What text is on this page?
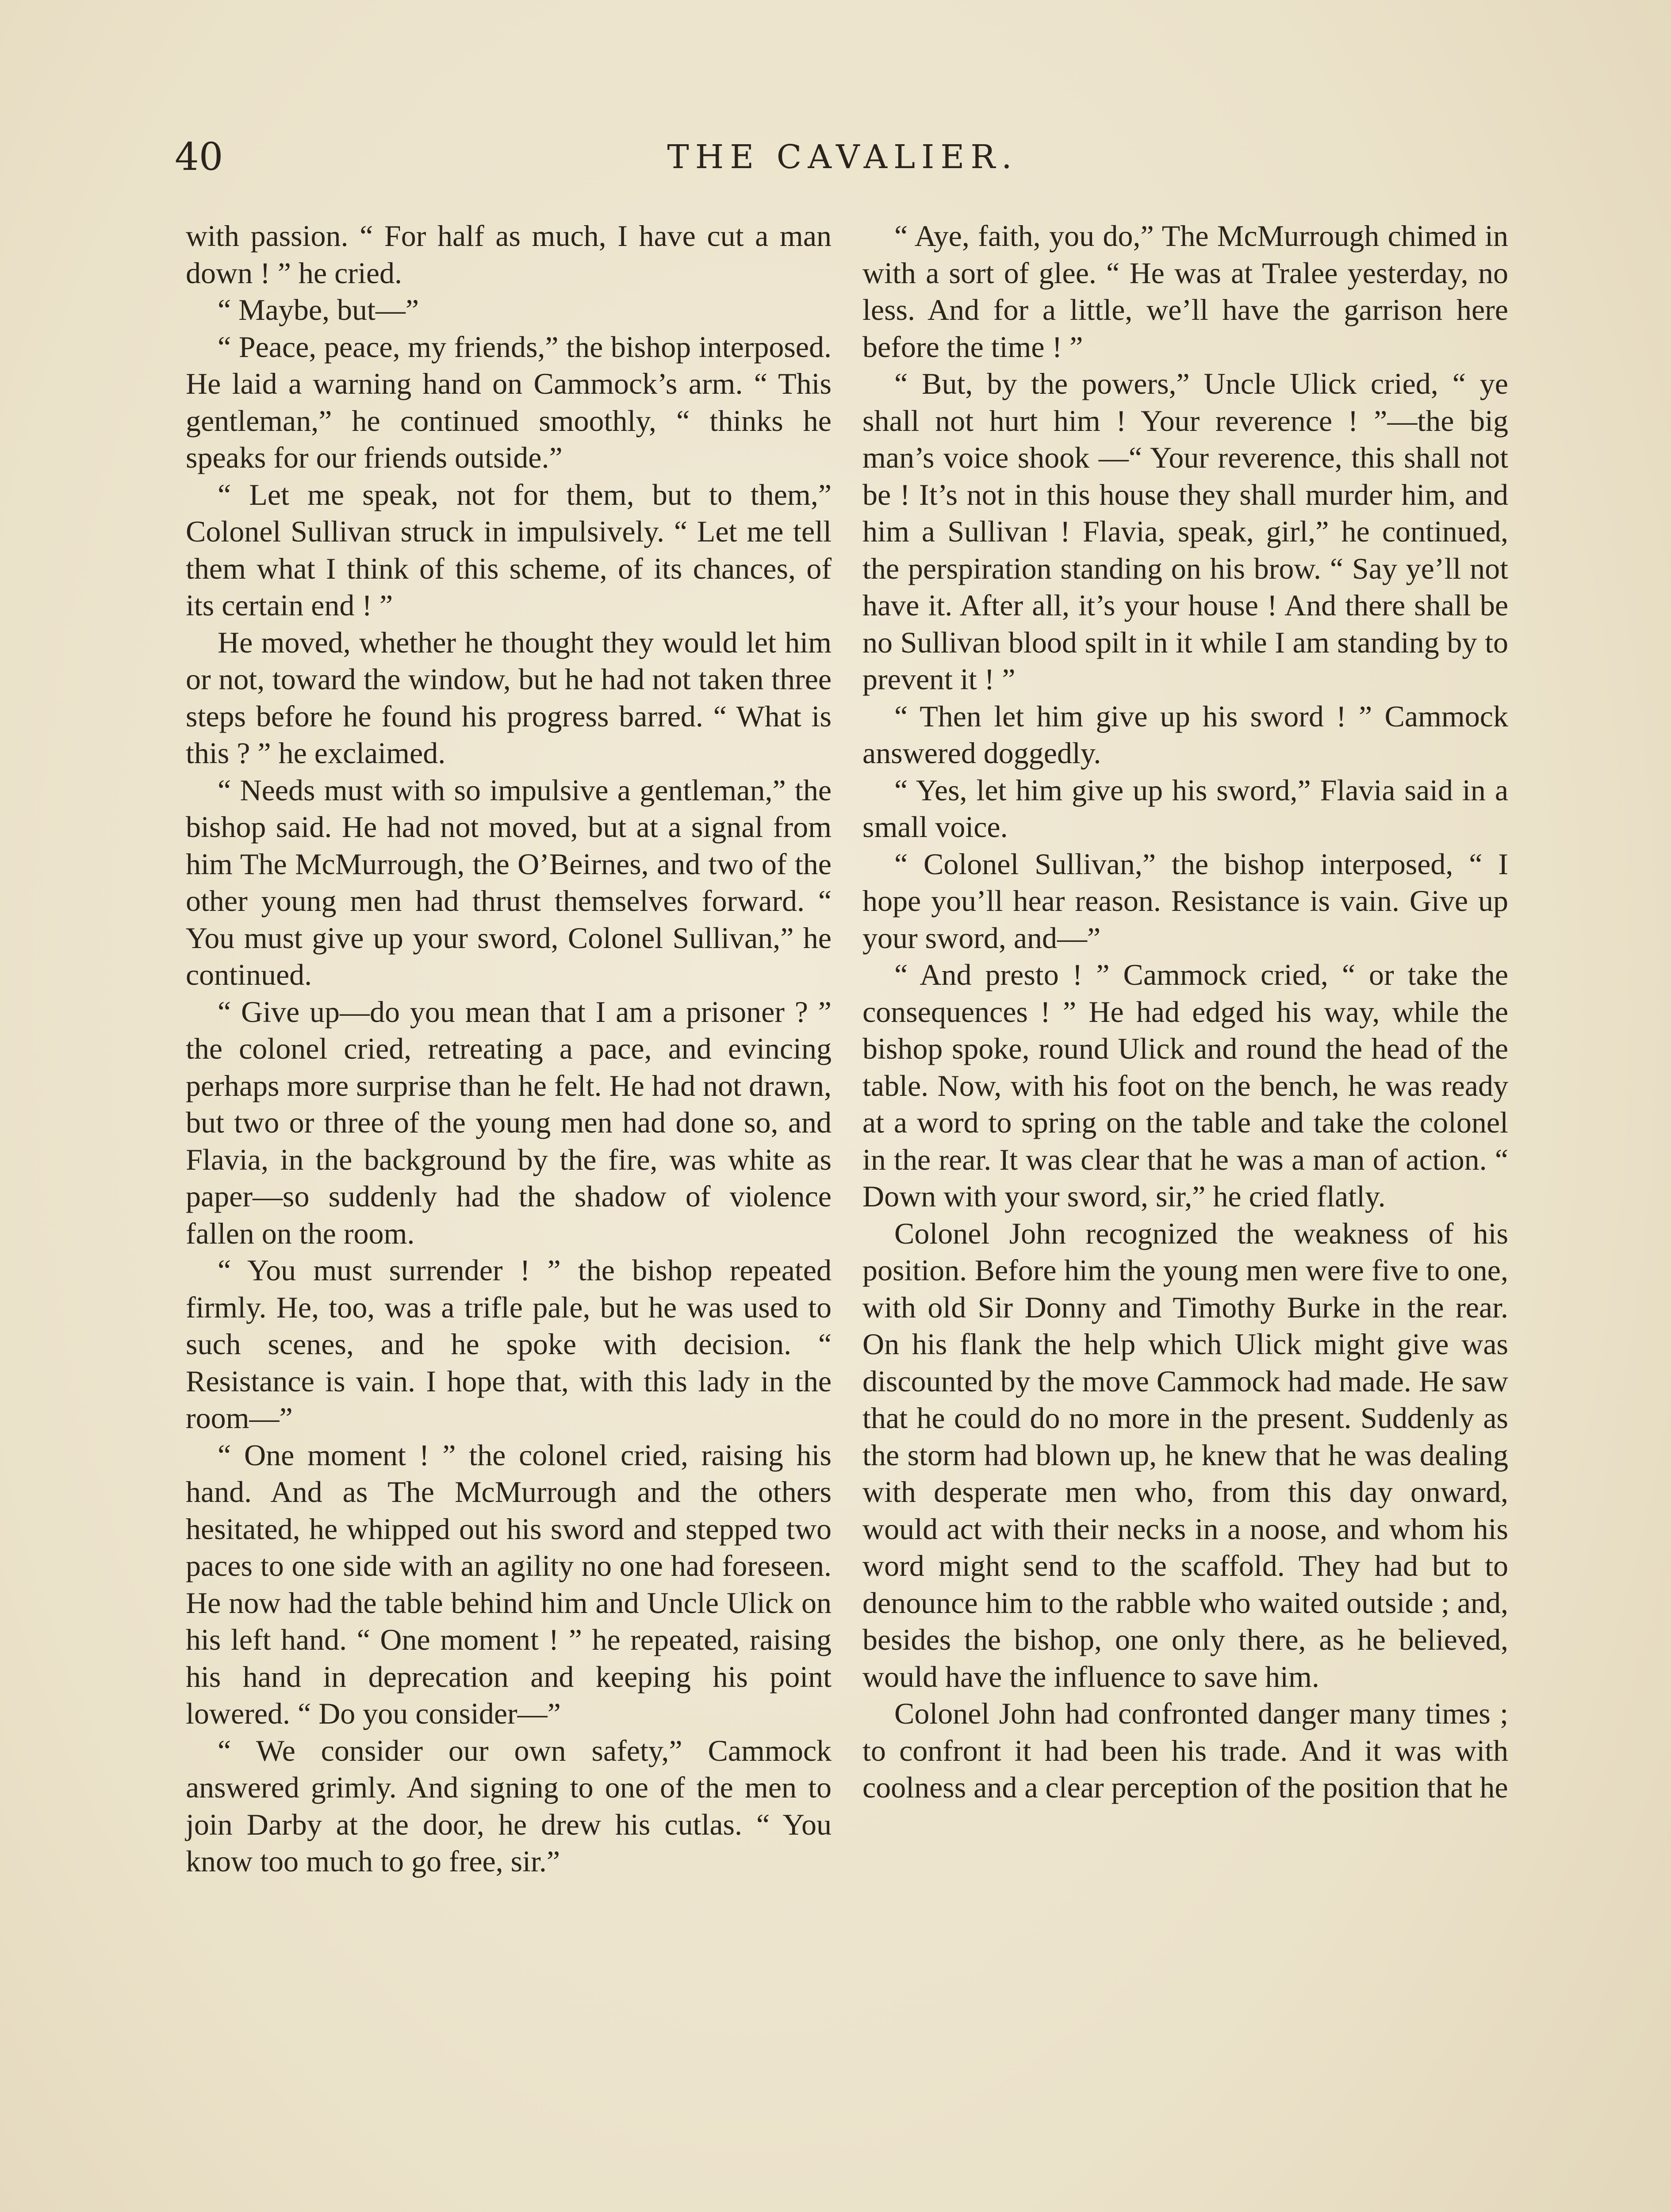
40	THE CAVALIER.

with passion. “ For half as much, I have cut a man down ! ” he cried.

“ Maybe, but—”

“ Peace, peace, my friends,” the bishop interposed. He laid a warning hand on Cammock’s arm. “ This gentleman,” he continued smoothly, “ thinks he speaks for our friends outside.”

“ Let me speak, not for them, but to them,” Colonel Sullivan struck in impulsively. “ Let me tell them what I think of this scheme, of its chances, of its certain end ! ”

He moved, whether he thought they would let him or not, toward the window, but he had not taken three steps before he found his progress barred. “ What is this ? ” he exclaimed.

“ Needs must with so impulsive a gentleman,” the bishop said. He had not moved, but at a signal from him The McMurrough, the O’Beirnes, and two of the other young men had thrust themselves forward. “ You must give up your sword, Colonel Sullivan,” he continued.

“ Give up—do you mean that I am a prisoner ? ” the colonel cried, retreating a pace, and evincing perhaps more surprise than he felt. He had not drawn, but two or three of the young men had done so, and Flavia, in the background by the fire, was white as paper—so suddenly had the shadow of violence fallen on the room.

“ You must surrender ! ” the bishop repeated firmly. He, too, was a trifle pale, but he was used to such scenes, and he spoke with decision. “ Resistance is vain. I hope that, with this lady in the room—”

“ One moment ! ” the colonel cried, raising his hand. And as The McMurrough and the others hesitated, he whipped out his sword and stepped two paces to one side with an agility no one had foreseen. He now had the table behind him and Uncle Ulick on his left hand. “ One moment ! ” he repeated, raising his hand in deprecation and keeping his point lowered. “ Do you consider—”

“ We consider our own safety,” Cammock answered grimly. And signing to one of the men to join Darby at the door, he drew his cutlas. “ You know too much to go free, sir.”

“ Aye, faith, you do,” The McMurrough chimed in with a sort of glee. “ He was at Tralee yesterday, no less. And for a little, we’ll have the garrison here before the time ! ”

“ But, by the powers,” Uncle Ulick cried, “ ye shall not hurt him ! Your reverence ! ”—the big man’s voice shook —“ Your reverence, this shall not be ! It’s not in this house they shall murder him, and him a Sullivan ! Flavia, speak, girl,” he continued, the perspiration standing on his brow. “ Say ye’ll not have it. After all, it’s your house ! And there shall be no Sullivan blood spilt in it while I am standing by to prevent it ! ”

“ Then let him give up his sword ! ” Cammock answered doggedly.

“ Yes, let him give up his sword,” Flavia said in a small voice.

“ Colonel Sullivan,” the bishop interposed, “ I hope you’ll hear reason. Resistance is vain. Give up your sword, and—”

“ And presto ! ” Cammock cried, “ or take the consequences ! ” He had edged his way, while the bishop spoke, round Ulick and round the head of the table. Now, with his foot on the bench, he was ready at a word to spring on the table and take the colonel in the rear. It was clear that he was a man of action. “ Down with your sword, sir,” he cried flatly.

Colonel John recognized the weakness of his position. Before him the young men were five to one, with old Sir Donny and Timothy Burke in the rear. On his flank the help which Ulick might give was discounted by the move Cammock had made. He saw that he could do no more in the present. Suddenly as the storm had blown up, he knew that he was dealing with desperate men who, from this day onward, would act with their necks in a noose, and whom his word might send to the scaffold. They had but to denounce him to the rabble who waited outside ; and, besides the bishop, one only there, as he believed, would have the influence to save him.

Colonel John had confronted danger many times ; to confront it had been his trade. And it was with coolness and a clear perception of the position that he
